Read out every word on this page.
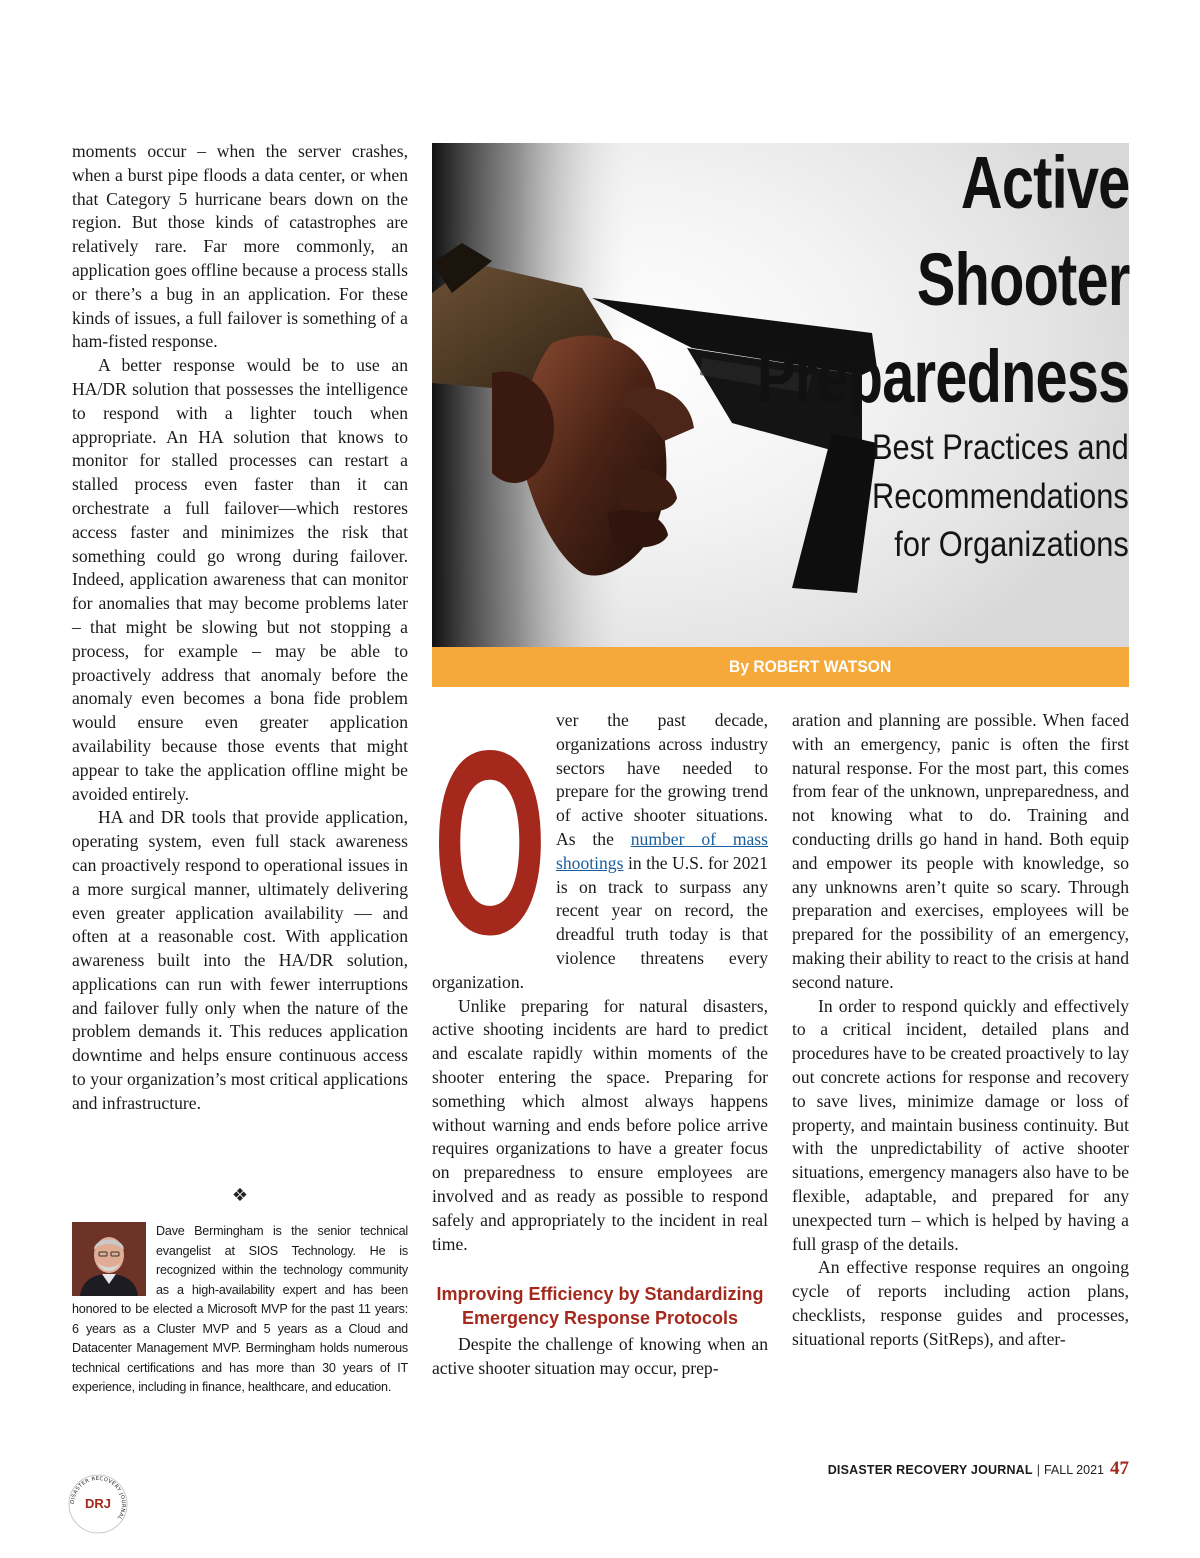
moments occur – when the server crashes, when a burst pipe floods a data center, or when that Category 5 hurricane bears down on the region. But those kinds of catastrophes are relatively rare. Far more commonly, an application goes offline because a process stalls or there’s a bug in an application. For these kinds of issues, a full failover is something of a ham-fisted response.

A better response would be to use an HA/DR solution that possesses the intelligence to respond with a lighter touch when appropriate. An HA solution that knows to monitor for stalled processes can restart a stalled process even faster than it can orchestrate a full failover—which restores access faster and minimizes the risk that something could go wrong during failover. Indeed, application awareness that can monitor for anomalies that may become problems later – that might be slowing but not stopping a process, for example – may be able to proactively address that anomaly before the anomaly even becomes a bona fide problem would ensure even greater application availability because those events that might appear to take the application offline might be avoided entirely.

HA and DR tools that provide application, operating system, even full stack awareness can proactively respond to operational issues in a more surgical manner, ultimately delivering even greater application availability — and often at a reasonable cost. With application awareness built into the HA/DR solution, applications can run with fewer interruptions and failover fully only when the nature of the problem demands it. This reduces application downtime and helps ensure continuous access to your organization’s most critical applications and infrastructure.

❖

Dave Bermingham is the senior technical evangelist at SIOS Technology. He is recognized within the technology community as a high-availability expert and has been honored to be elected a Microsoft MVP for the past 11 years: 6 years as a Cluster MVP and 5 years as a Cloud and Datacenter Management MVP. Bermingham holds numerous technical certifications and has more than 30 years of IT experience, including in finance, healthcare, and education.

Active
Shooter
Preparedness
Best Practices and
Recommendations
for Organizations
By ROBERT WATSON
O ver the past decade, organizations across industry sectors have needed to prepare for the growing trend of active shooter situations. As the number of mass shootings in the U.S. for 2021 is on track to surpass any recent year on record, the dreadful truth today is that violence threatens every organization.

Unlike preparing for natural disasters, active shooting incidents are hard to predict and escalate rapidly within moments of the shooter entering the space. Preparing for something which almost always happens without warning and ends before police arrive requires organizations to have a greater focus on preparedness to ensure employees are involved and as ready as possible to respond safely and appropriately to the incident in real time.

Improving Efficiency by Standardizing Emergency Response Protocols

Despite the challenge of knowing when an active shooter situation may occur, prep-

aration and planning are possible. When faced with an emergency, panic is often the first natural response. For the most part, this comes from fear of the unknown, unpreparedness, and not knowing what to do. Training and conducting drills go hand in hand. Both equip and empower its people with knowledge, so any unknowns aren’t quite so scary. Through preparation and exercises, employees will be prepared for the possibility of an emergency, making their ability to react to the crisis at hand second nature.

In order to respond quickly and effectively to a critical incident, detailed plans and procedures have to be created proactively to lay out concrete actions for response and recovery to save lives, minimize damage or loss of property, and maintain business continuity. But with the unpredictability of active shooter situations, emergency managers also have to be flexible, adaptable, and prepared for any unexpected turn – which is helped by having a full grasp of the details.

An effective response requires an ongoing cycle of reports including action plans, checklists, response guides and processes, situational reports (SitReps), and after-

DISASTER RECOVERY JOURNAL
DRJ
DISASTER RECOVERY JOURNAL | FALL 2021 47
